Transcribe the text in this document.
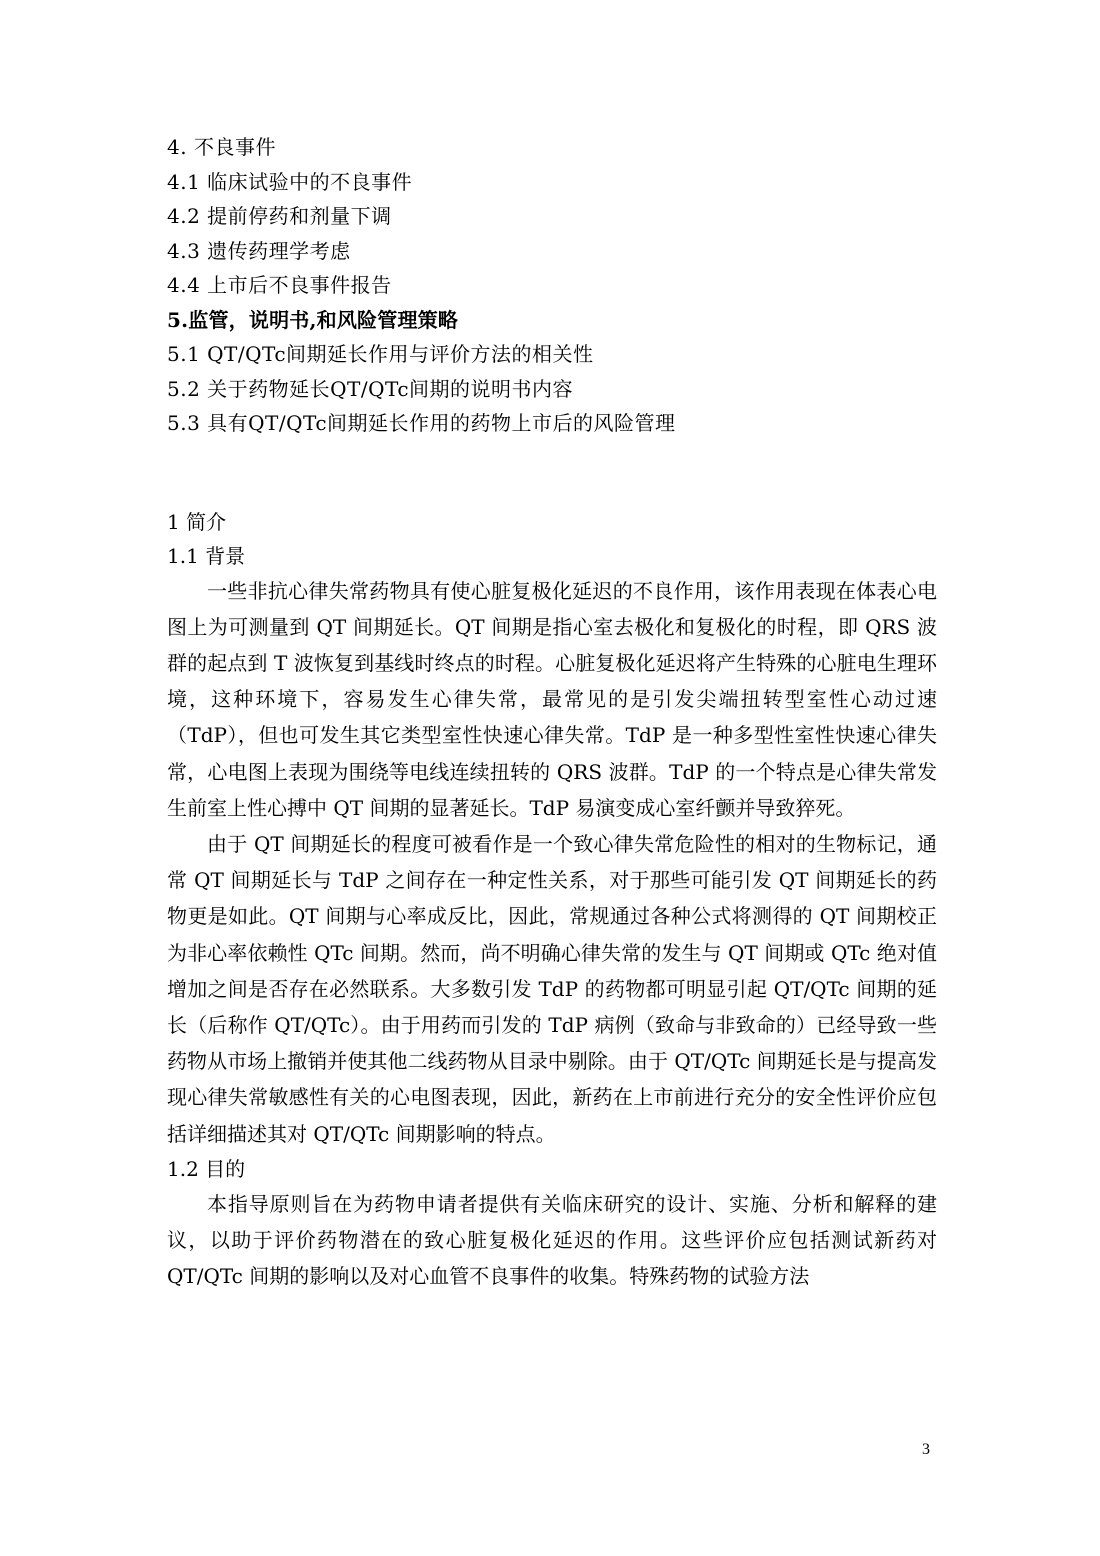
4. 不良事件
4.1 临床试验中的不良事件
4.2 提前停药和剂量下调
4.3 遗传药理学考虑
4.4 上市后不良事件报告
5.监管，说明书,和风险管理策略
5.1 QT/QTc间期延长作用与评价方法的相关性
5.2 关于药物延长QT/QTc间期的说明书内容
5.3 具有QT/QTc间期延长作用的药物上市后的风险管理
1 简介
1.1 背景

一些非抗心律失常药物具有使心脏复极化延迟的不良作用，该作用表现在体表心电图上为可测量到 QT 间期延长。QT 间期是指心室去极化和复极化的时程，即 QRS 波群的起点到 T 波恢复到基线时终点的时程。心脏复极化延迟将产生特殊的心脏电生理环境，这种环境下，容易发生心律失常，最常见的是引发尖端扭转型室性心动过速（TdP），但也可发生其它类型室性快速心律失常。TdP 是一种多型性室性快速心律失常，心电图上表现为围绕等电线连续扭转的 QRS 波群。TdP 的一个特点是心律失常发生前室上性心搏中 QT 间期的显著延长。TdP 易演变成心室纤颤并导致猝死。

由于 QT 间期延长的程度可被看作是一个致心律失常危险性的相对的生物标记，通常 QT 间期延长与 TdP 之间存在一种定性关系，对于那些可能引发 QT 间期延长的药物更是如此。QT 间期与心率成反比，因此，常规通过各种公式将测得的 QT 间期校正为非心率依赖性 QTc 间期。然而，尚不明确心律失常的发生与 QT 间期或 QTc 绝对值增加之间是否存在必然联系。大多数引发 TdP 的药物都可明显引起 QT/QTc 间期的延长（后称作 QT/QTc）。由于用药而引发的 TdP 病例（致命与非致命的）已经导致一些药物从市场上撤销并使其他二线药物从目录中剔除。由于 QT/QTc 间期延长是与提高发现心律失常敏感性有关的心电图表现，因此，新药在上市前进行充分的安全性评价应包括详细描述其对 QT/QTc 间期影响的特点。

1.2 目的

本指导原则旨在为药物申请者提供有关临床研究的设计、实施、分析和解释的建议，以助于评价药物潜在的致心脏复极化延迟的作用。这些评价应包括测试新药对 QT/QTc 间期的影响以及对心血管不良事件的收集。特殊药物的试验方法

3
